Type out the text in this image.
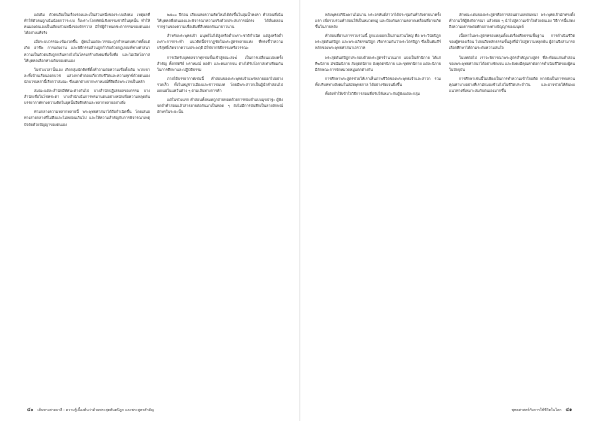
แต่เดิม ตัวคนถือเป็นเรื่องรองและเป็นส่วนหนึ่งของระบบสังคม เหตุผลที่ทำให้ตัวคนถูกเน้นน้อยกว่าระบบ ก็เพราะโลกทัศน์เชิงธรรมชาติในยุคนั้น ทำให้คนมองตนเองเป็นเพียงส่วนหนึ่งของจักรวาล มิใช่ผู้กำหนดชะตากรรมของตนเองได้อย่างแท้จริง

เมื่อระบบวรรณะเข้มงวดขึ้น ผู้คนในแต่ละวรรณะถูกกำหนดบทบาทตั้งแต่เกิด อาชีพ การแต่งงาน และพิธีกรรมล้วนถูกกำกับด้วยกฎเกณฑ์ทางศาสนา ความเป็นตัวตนจึงถูกกลืนหายไปในโครงสร้างสังคมที่แข็งทื่อ และไม่เปิดโอกาสให้บุคคลเลือกทางเดินของตนเอง

ในช่วงเวลานั้นเอง เกิดกลุ่มนักคิดที่ตั้งคำถามต่อความเชื่อดั้งเดิม พวกเขาละทิ้งบ้านเรือนออกบวช แสวงหาคำตอบเกี่ยวกับชีวิตและความทุกข์ด้วยตนเอง นักบวชเหล่านี้เรียกว่าสมณะ ซึ่งแตกต่างจากพราหมณ์ที่ยึดถือพระเวทเป็นหลัก

สมณะแต่ละสำนักมีทัศนะต่างกันไป บางสำนักปฏิเสธผลของกรรม บางสำนักเชื่อในโชคชะตา บางสำนักเน้นการทรมานตนอย่างหนักเพื่อความหลุดพ้น บรรยากาศทางความคิดในยุคนั้นจึงคึกคักและหลากหลายอย่างยิ่ง

ท่ามกลางความหลากหลายนี้ พระพุทธศาสนาได้ถือกำเนิดขึ้น โดยเสนอทางสายกลางที่ไม่ตึงและไม่หย่อนเกินไป และให้ความสำคัญกับการพิจารณาเหตุปัจจัยด้วยปัญญาของตนเอง

๒๕๐๐ ปีก่อน เสียงแห่งความคิดใหม่ได้ดังขึ้นในลุ่มน้ำคงคา คำสอนที่เน้นให้บุคคลพึ่งตนเองและพิจารณาความจริงด้วยประสบการณ์ตรง ได้สั่นคลอนรากฐานของความเชื่อเดิมที่สืบทอดกันมายาวนาน

สำหรับพระพุทธเจ้า มนุษย์ไม่ได้สูงหรือต่ำเพราะชาติกำเนิด แต่สูงหรือต่ำเพราะการกระทำ แนวคิดนี้ปรากฏชัดในพระสูตรหลายแห่ง ที่ทรงชี้ว่าความบริสุทธิ์เกิดจากความประพฤติ มิใช่จากพิธีกรรมหรือวรรณะ

การเปิดรับบุคคลจากทุกชนชั้นเข้าสู่คณะสงฆ์ เป็นการเปลี่ยนแปลงครั้งสำคัญ ทั้งกษัตริย์ พราหมณ์ พ่อค้า และคนยากจน ต่างได้รับโอกาสเท่าเทียมกันในการศึกษาและปฏิบัติธรรม

ภายใต้บรรยากาศเช่นนี้ คำสอนของพระพุทธเจ้าแพร่หลายออกไปอย่างรวดเร็ว ทั้งในหมู่ชาวเมืองและชาวชนบท โดยมีพระสาวกเป็นผู้นำคำสอนไปเผยแผ่ในแคว้นต่าง ๆ ตามเส้นทางการค้า

แต่ในช่วงแรก คำสอนทั้งหมดถูกถ่ายทอดด้วยการท่องจำแบบมุขปาฐะ ผู้ฟังจดจำคำสอนแล้วสาธยายต่อกันมาเป็นทอด ๆ ยังไม่มีการบันทึกเป็นลายลักษณ์อักษรในระยะนั้น

๔๐ เส้นทางสายบาลี : ความรู้เบื้องต้นว่าด้วยพระสุตตันตปิฎก และพระสูตรสำคัญ

หลังพุทธปรินิพพานไม่นาน พระอรหันต์สาวกได้ประชุมกันทำสังคายนาครั้งแรก เพื่อรวบรวมคำสอนให้เป็นหมวดหมู่ และป้องกันความคลาดเคลื่อนที่อาจเกิดขึ้นในภายหลัง

คำสอนที่ผ่านการรวบรวมนี้ ถูกแบ่งออกเป็นสามส่วนใหญ่ คือ พระวินัยปิฎก พระสุตตันตปิฎก และพระอภิธรรมปิฎก เรียกรวมกันว่าพระไตรปิฎก ซึ่งเป็นคัมภีร์หลักของพระพุทธศาสนาเถรวาท

พระสุตตันตปิฎกประกอบด้วยพระสูตรจำนวนมาก แบ่งเป็นห้านิกาย ได้แก่ ทีฆนิกาย มัชฌิมนิกาย สังยุตตนิกาย อังคุตตรนิกาย และขุททกนิกาย แต่ละนิกายมีลักษณะการจัดหมวดหมู่แตกต่างกัน

การศึกษาพระสูตรช่วยให้เราเห็นภาพชีวิตของพระพุทธเจ้าและสาวก รวมทั้งบริบททางสังคมในสมัยพุทธกาล ได้อย่างชัดเจนยิ่งขึ้น

ทั้งยังทำให้เข้าใจวิธีการสอนที่ปรับให้เหมาะกับผู้ฟังแต่ละกลุ่ม

ลักษณะเด่นของพระสูตรคือการสอนผ่านบทสนทนา พระพุทธเจ้ามักทรงตั้งคำถามให้ผู้ฟังพิจารณา แล้วค่อย ๆ นำไปสู่ความเข้าใจด้วยตนเอง วิธีการนี้แสดงถึงความเคารพต่อศักยภาพทางปัญญาของมนุษย์

เนื้อหาในพระสูตรครอบคลุมตั้งแต่เรื่องศีลธรรมพื้นฐาน การดำเนินชีวิตของผู้ครองเรือน ไปจนถึงหลักธรรมขั้นสูงที่นำไปสู่ความหลุดพ้น ผู้อ่านจึงสามารถเลือกศึกษาได้ตามระดับความสนใจ

ในบทต่อไป เราจะพิจารณาพระสูตรสำคัญบางสูตร ที่สะท้อนแก่นคำสอนของพระพุทธศาสนาได้อย่างชัดเจน และยังคงมีคุณค่าต่อการดำเนินชีวิตของผู้คนในปัจจุบัน

การศึกษาเช่นนี้ไม่เพียงเป็นการทำความเข้าใจอดีต หากยังเป็นการทบทวนคุณค่าบางอย่างที่เรามักมองข้ามไปในชีวิตประจำวัน และอาจช่วยให้ค้นพบแนวทางที่เหมาะสมกับตนเองมากขึ้น

พุทธศาสตร์กับการใช้ชีวิตในโลก ๔๑
